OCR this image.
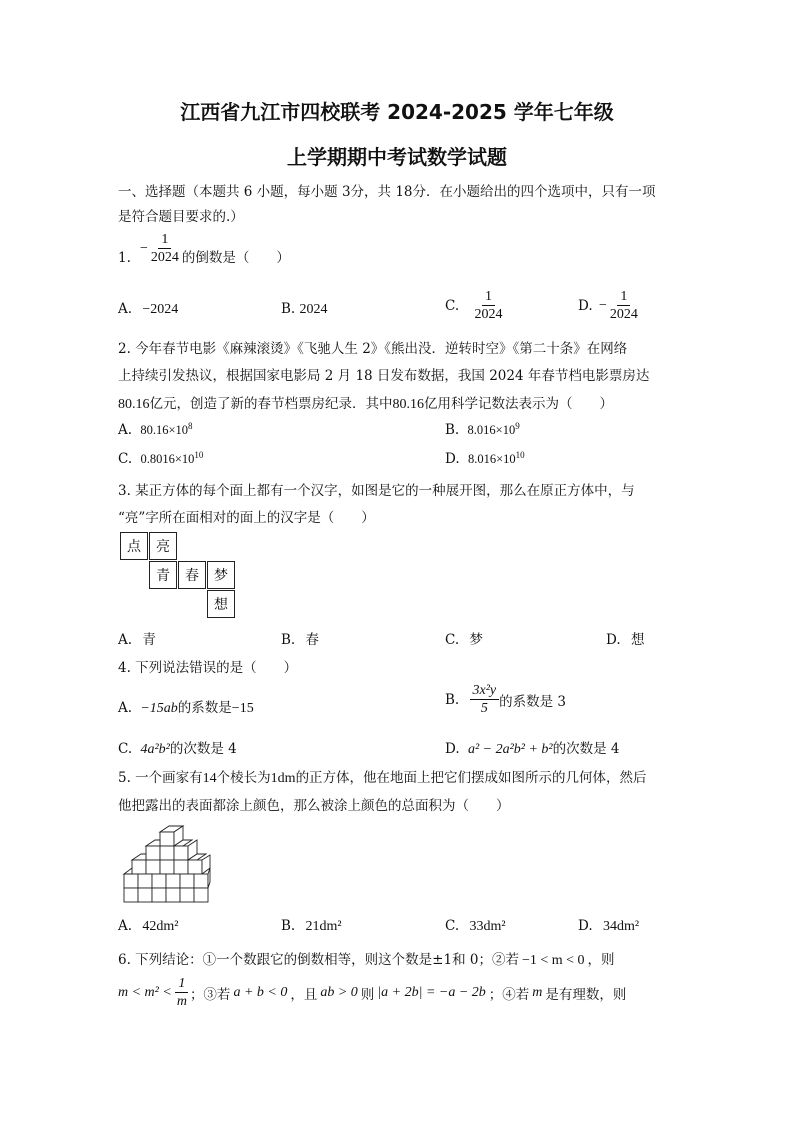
江西省九江市四校联考 2024-2025 学年七年级
上学期期中考试数学试题
一、选择题（本题共 6 小题，每小题 3分，共 18分．在小题给出的四个选项中，只有一项
是符合题目要求的.）
$1.- \frac{1}{2024}$ 的倒数是（　　）
A. −2024	B. 2024	C. $\frac{1}{2024}$	D. − $\frac{1}{2024}$
2. 今年春节电影《麻辣滚烫》《飞驰人生 2》《熊出没．逆转时空》《第二十条》在网络
上持续引发热议，根据国家电影局 2 月 18 日发布数据，我国 2024 年春节档电影票房达
80.16亿元，创造了新的春节档票房纪录．其中80.16亿用科学记数法表示为（　　）
A. $80.16\times 10^8$	B. $8.016\times 10^9$
C. $0.8016\times 10^{10}$	D. $8.016\times 10^{10}$
3. 某正方体的每个面上都有一个汉字，如图是它的一种展开图，那么在原正方体中，与
“亮”字所在面相对的面上的汉字是（　　）
点	亮
青	春	梦
想
A. 青	B. 春	C. 梦	D. 想
4. 下列说法错误的是（　　）
A. −15ab的系数是−15
B. $\frac{\text{3x²y}}{5}$ 的系数是 3
C. 4a²b²的次数是 4	D. a² − 2a²b² + b²的次数是 4
5. 一个画家有14个棱长为1dm的正方体，他在地面上把它们摆成如图所示的几何体，然后
他把露出的表面都涂上颜色，那么被涂上颜色的总面积为（　　）
A. 42dm²	B. 21dm²	C. 33dm²	D. 34dm²
6. 下列结论：①一个数跟它的倒数相等，则这个数是±1和 0；②若 −1 < m < 0 ，则
$m < m^2 < \frac{1}{m}$ ；③若 a + b < 0 ，且 ab > 0 则 |a + 2b| = −a − 2b ；④若 m 是有理数，则
